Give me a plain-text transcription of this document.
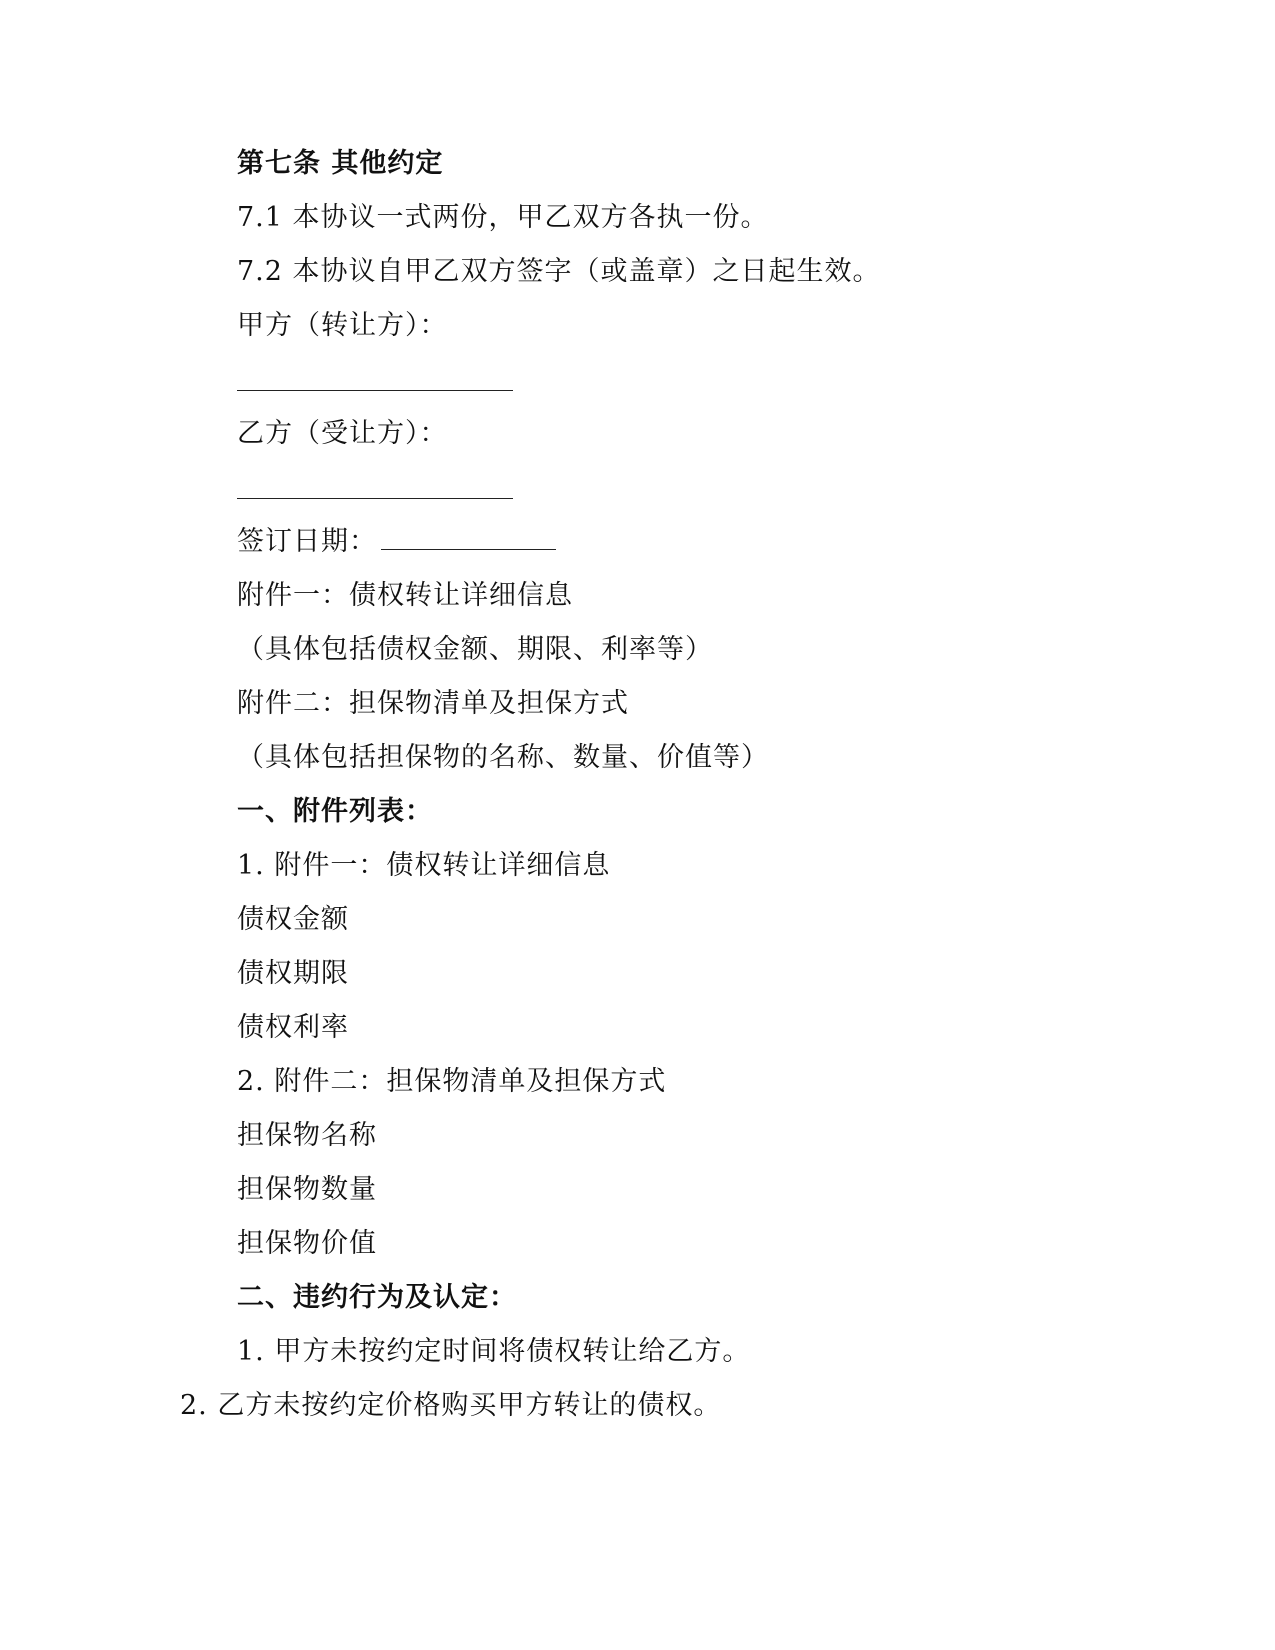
第七条 其他约定
7.1 本协议一式两份，甲乙双方各执一份。
7.2 本协议自甲乙双方签字（或盖章）之日起生效。
甲方（转让方）：
乙方（受让方）：
签订日期：
附件一：债权转让详细信息
（具体包括债权金额、期限、利率等）
附件二：担保物清单及担保方式
（具体包括担保物的名称、数量、价值等）
一、附件列表：
1. 附件一：债权转让详细信息
债权金额
债权期限
债权利率
2. 附件二：担保物清单及担保方式
担保物名称
担保物数量
担保物价值
二、违约行为及认定：
1. 甲方未按约定时间将债权转让给乙方。
2. 乙方未按约定价格购买甲方转让的债权。
